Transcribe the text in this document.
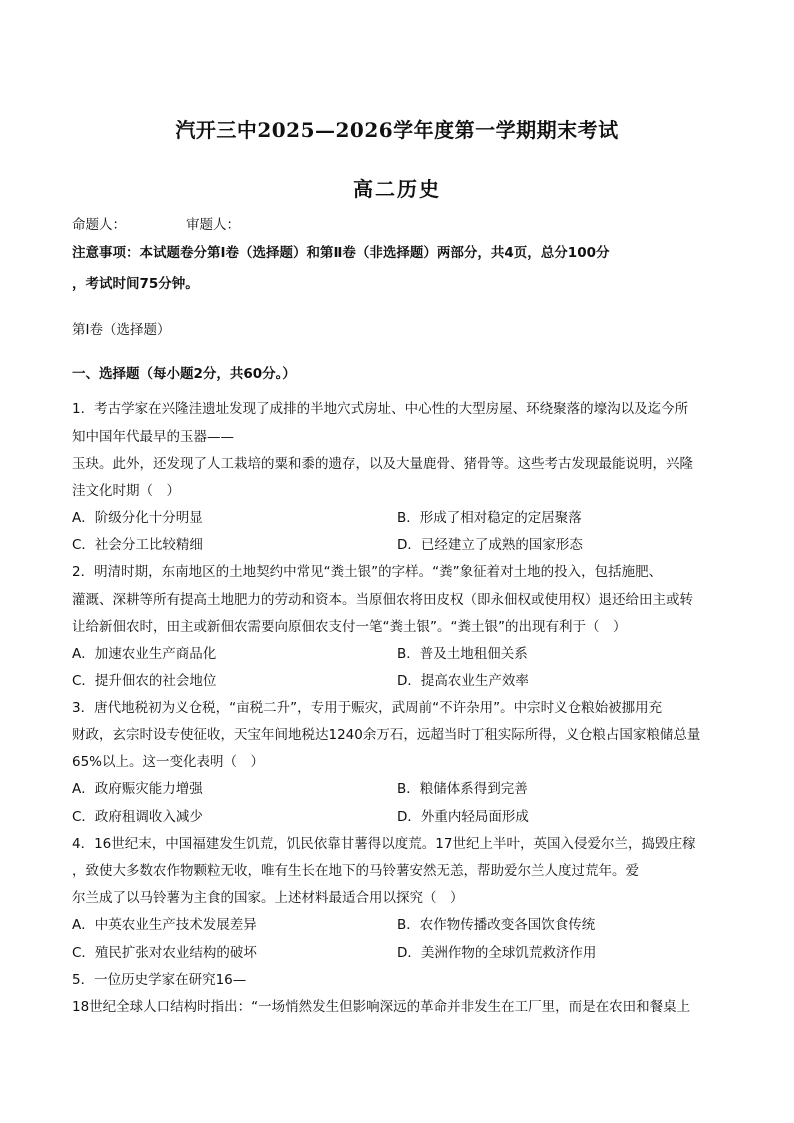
汽开三中2025—2026学年度第一学期期末考试
高二历史
命题人：	审题人：
注意事项：本试题卷分第Ⅰ卷（选择题）和第Ⅱ卷（非选择题）两部分，共4页，总分100分
，考试时间75分钟。
第Ⅰ卷（选择题）
一、选择题（每小题2分，共60分。）
1．考古学家在兴隆洼遗址发现了成排的半地穴式房址、中心性的大型房屋、环绕聚落的壕沟以及迄今所
知中国年代最早的玉器——
玉玦。此外，还发现了人工栽培的粟和黍的遗存，以及大量鹿骨、猪骨等。这些考古发现最能说明，兴隆
洼文化时期（　）
A．阶级分化十分明显	B．形成了相对稳定的定居聚落
C．社会分工比较精细	D．已经建立了成熟的国家形态
2．明清时期，东南地区的土地契约中常见“粪土银”的字样。“粪”象征着对土地的投入，包括施肥、
灌溉、深耕等所有提高土地肥力的劳动和资本。当原佃农将田皮权（即永佃权或使用权）退还给田主或转
让给新佃农时，田主或新佃农需要向原佃农支付一笔“粪土银”。“粪土银”的出现有利于（　）
A．加速农业生产商品化	B．普及土地租佃关系
C．提升佃农的社会地位	D．提高农业生产效率
3．唐代地税初为义仓税，“亩税二升”，专用于赈灾，武周前“不许杂用”。中宗时义仓粮始被挪用充
财政，玄宗时设专使征收，天宝年间地税达1240余万石，远超当时丁租实际所得，义仓粮占国家粮储总量
65%以上。这一变化表明（　）
A．政府赈灾能力增强	B．粮储体系得到完善
C．政府租调收入减少	D．外重内轻局面形成
4．16世纪末，中国福建发生饥荒，饥民依靠甘薯得以度荒。17世纪上半叶，英国入侵爱尔兰，捣毁庄稼
，致使大多数农作物颗粒无收，唯有生长在地下的马铃薯安然无恙，帮助爱尔兰人度过荒年。爱
尔兰成了以马铃薯为主食的国家。上述材料最适合用以探究（　）
A．中英农业生产技术发展差异	B．农作物传播改变各国饮食传统
C．殖民扩张对农业结构的破坏	D．美洲作物的全球饥荒救济作用
5．一位历史学家在研究16—
18世纪全球人口结构时指出：“一场悄然发生但影响深远的革命并非发生在工厂里，而是在农田和餐桌上
